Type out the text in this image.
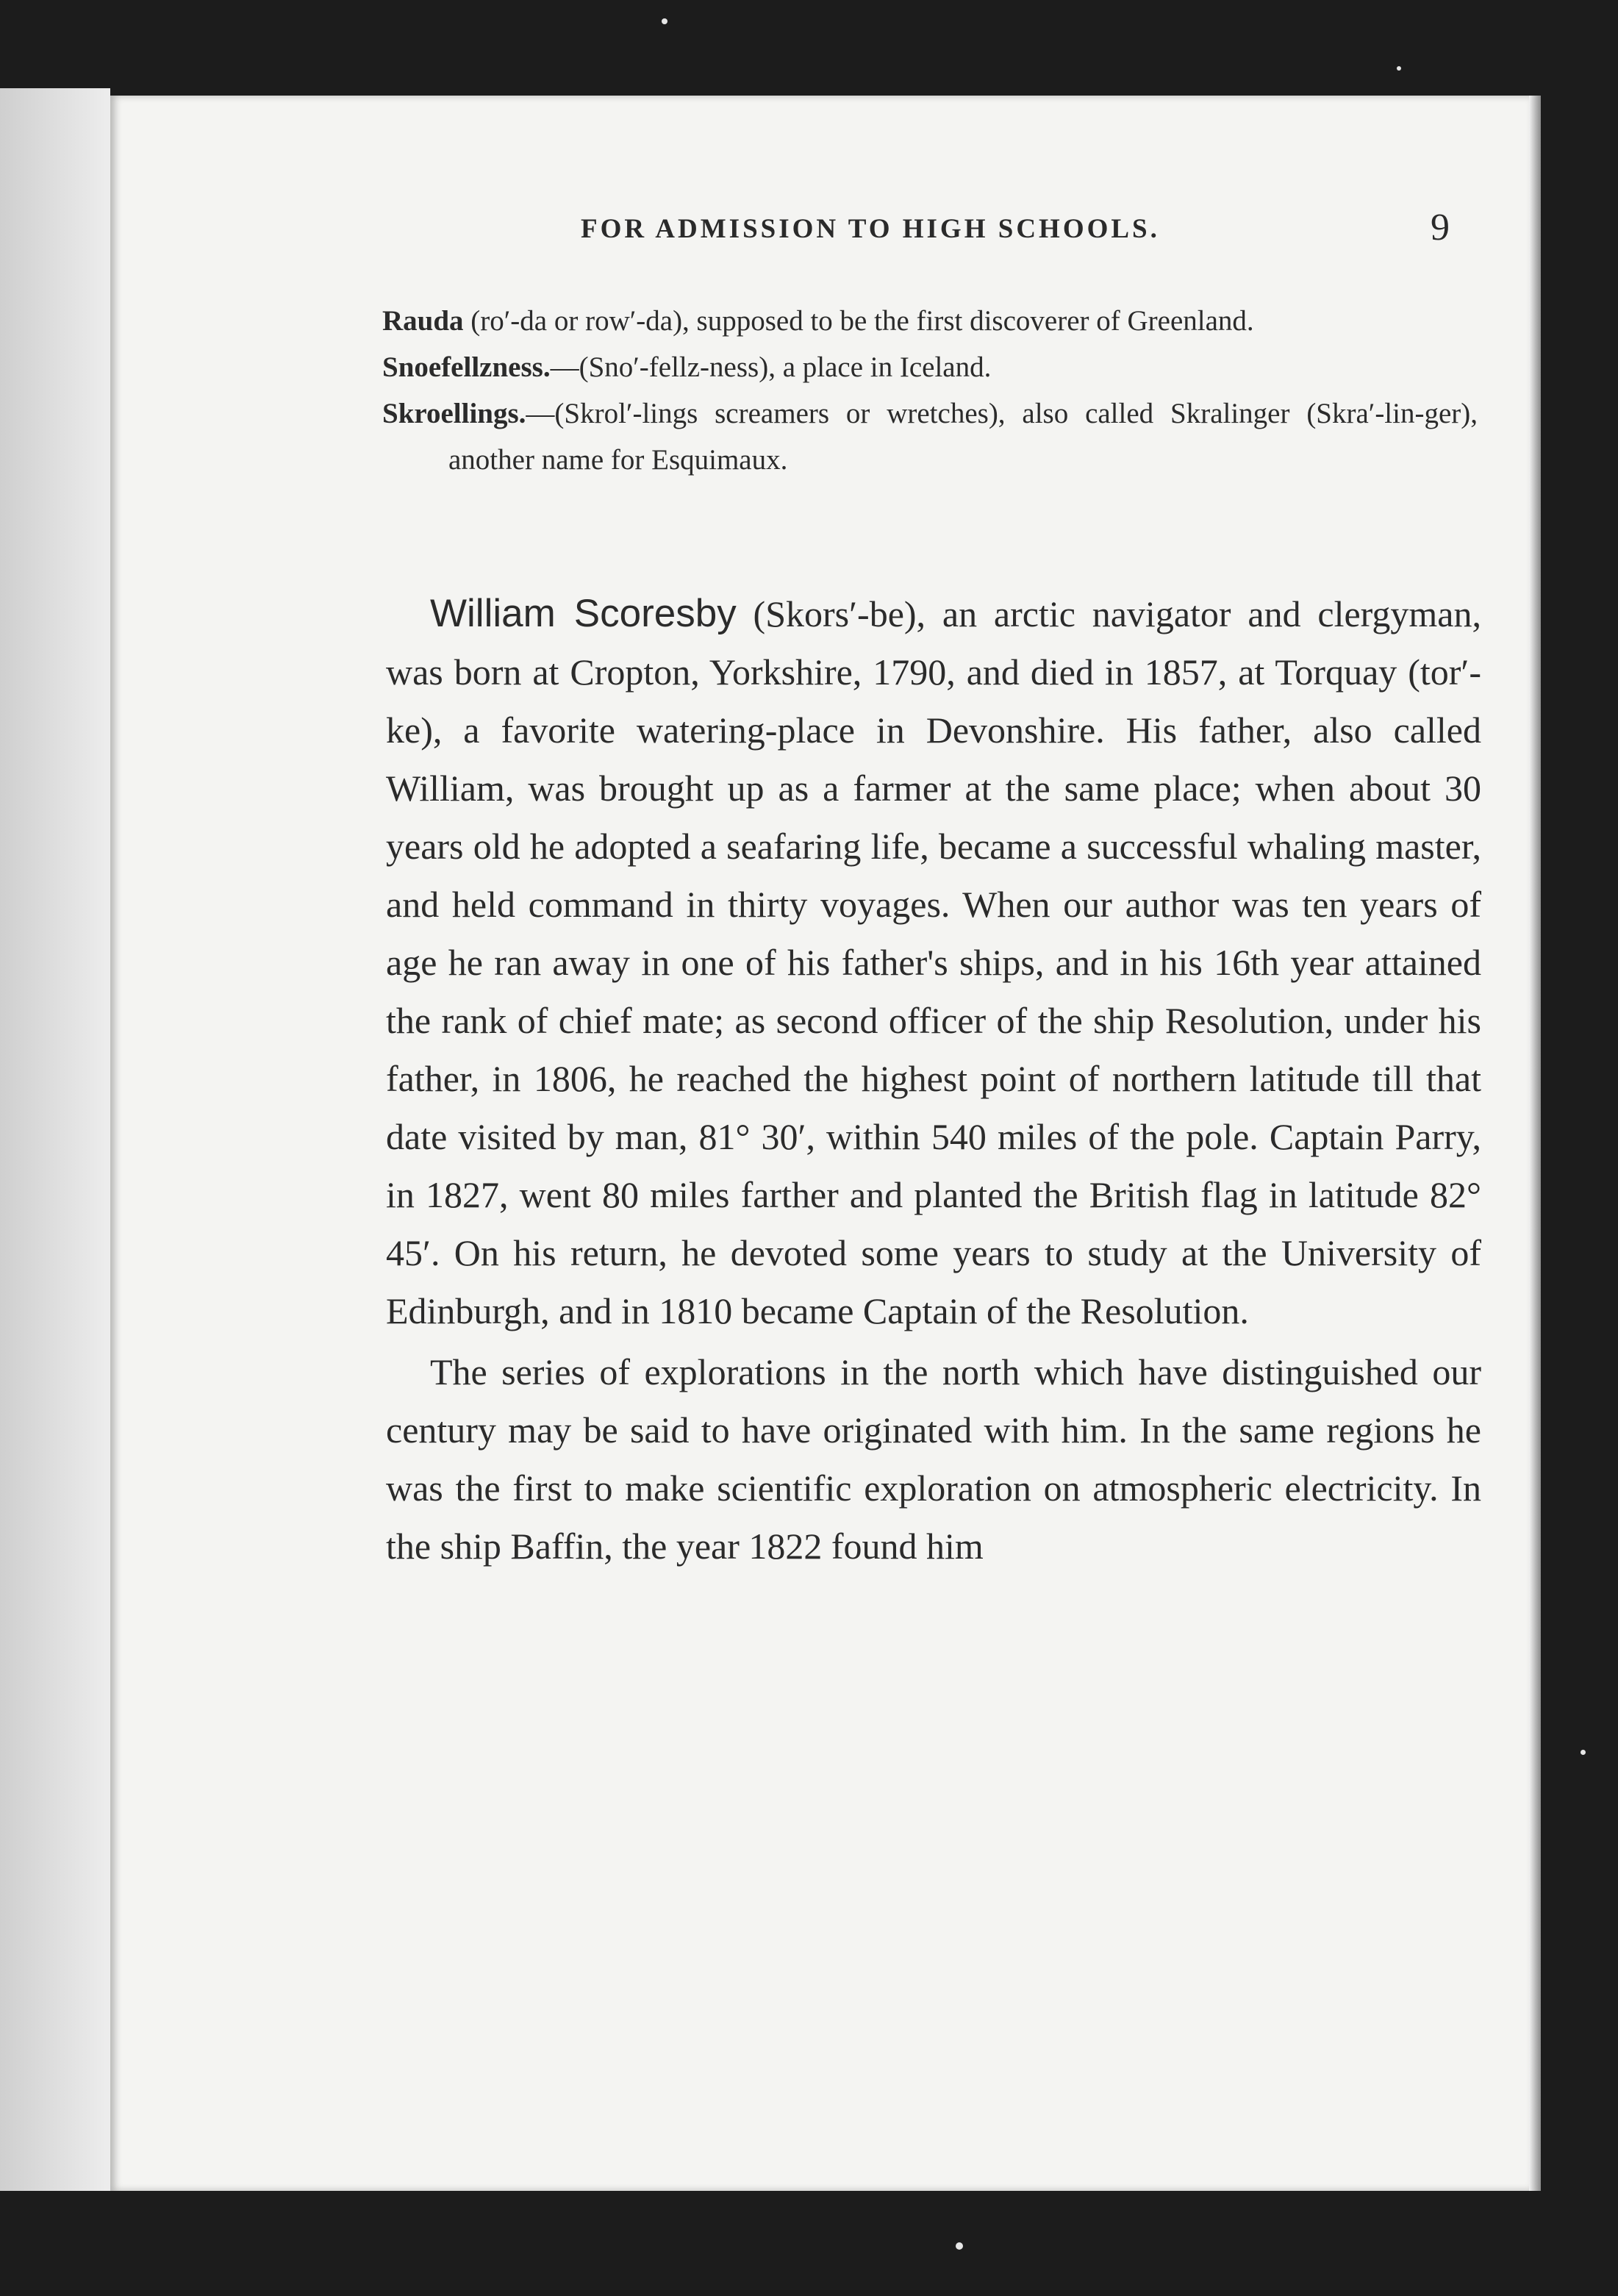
FOR ADMISSION TO HIGH SCHOOLS.	9

Rauda (ro′-da or row′-da), supposed to be the first discoverer of Greenland.

Snoefellzness.—(Sno′-fellz-ness), a place in Iceland.

Skroellings.—(Skrol′-lings screamers or wretches), also called Skralinger (Skra′-lin-ger), another name for Esquimaux.

William Scoresby (Skors′-be), an arctic navigator and clergyman, was born at Cropton, Yorkshire, 1790, and died in 1857, at Torquay (tor′-ke), a favorite watering-place in Devonshire. His father, also called William, was brought up as a farmer at the same place; when about 30 years old he adopted a seafaring life, became a successful whaling master, and held command in thirty voyages. When our author was ten years of age he ran away in one of his father's ships, and in his 16th year attained the rank of chief mate; as second officer of the ship Resolution, under his father, in 1806, he reached the highest point of northern latitude till that date visited by man, 81° 30′, within 540 miles of the pole. Captain Parry, in 1827, went 80 miles farther and planted the British flag in latitude 82° 45′. On his return, he devoted some years to study at the University of Edinburgh, and in 1810 became Captain of the Resolution.

The series of explorations in the north which have distinguished our century may be said to have originated with him. In the same regions he was the first to make scientific exploration on atmospheric electricity. In the ship Baffin, the year 1822 found him
